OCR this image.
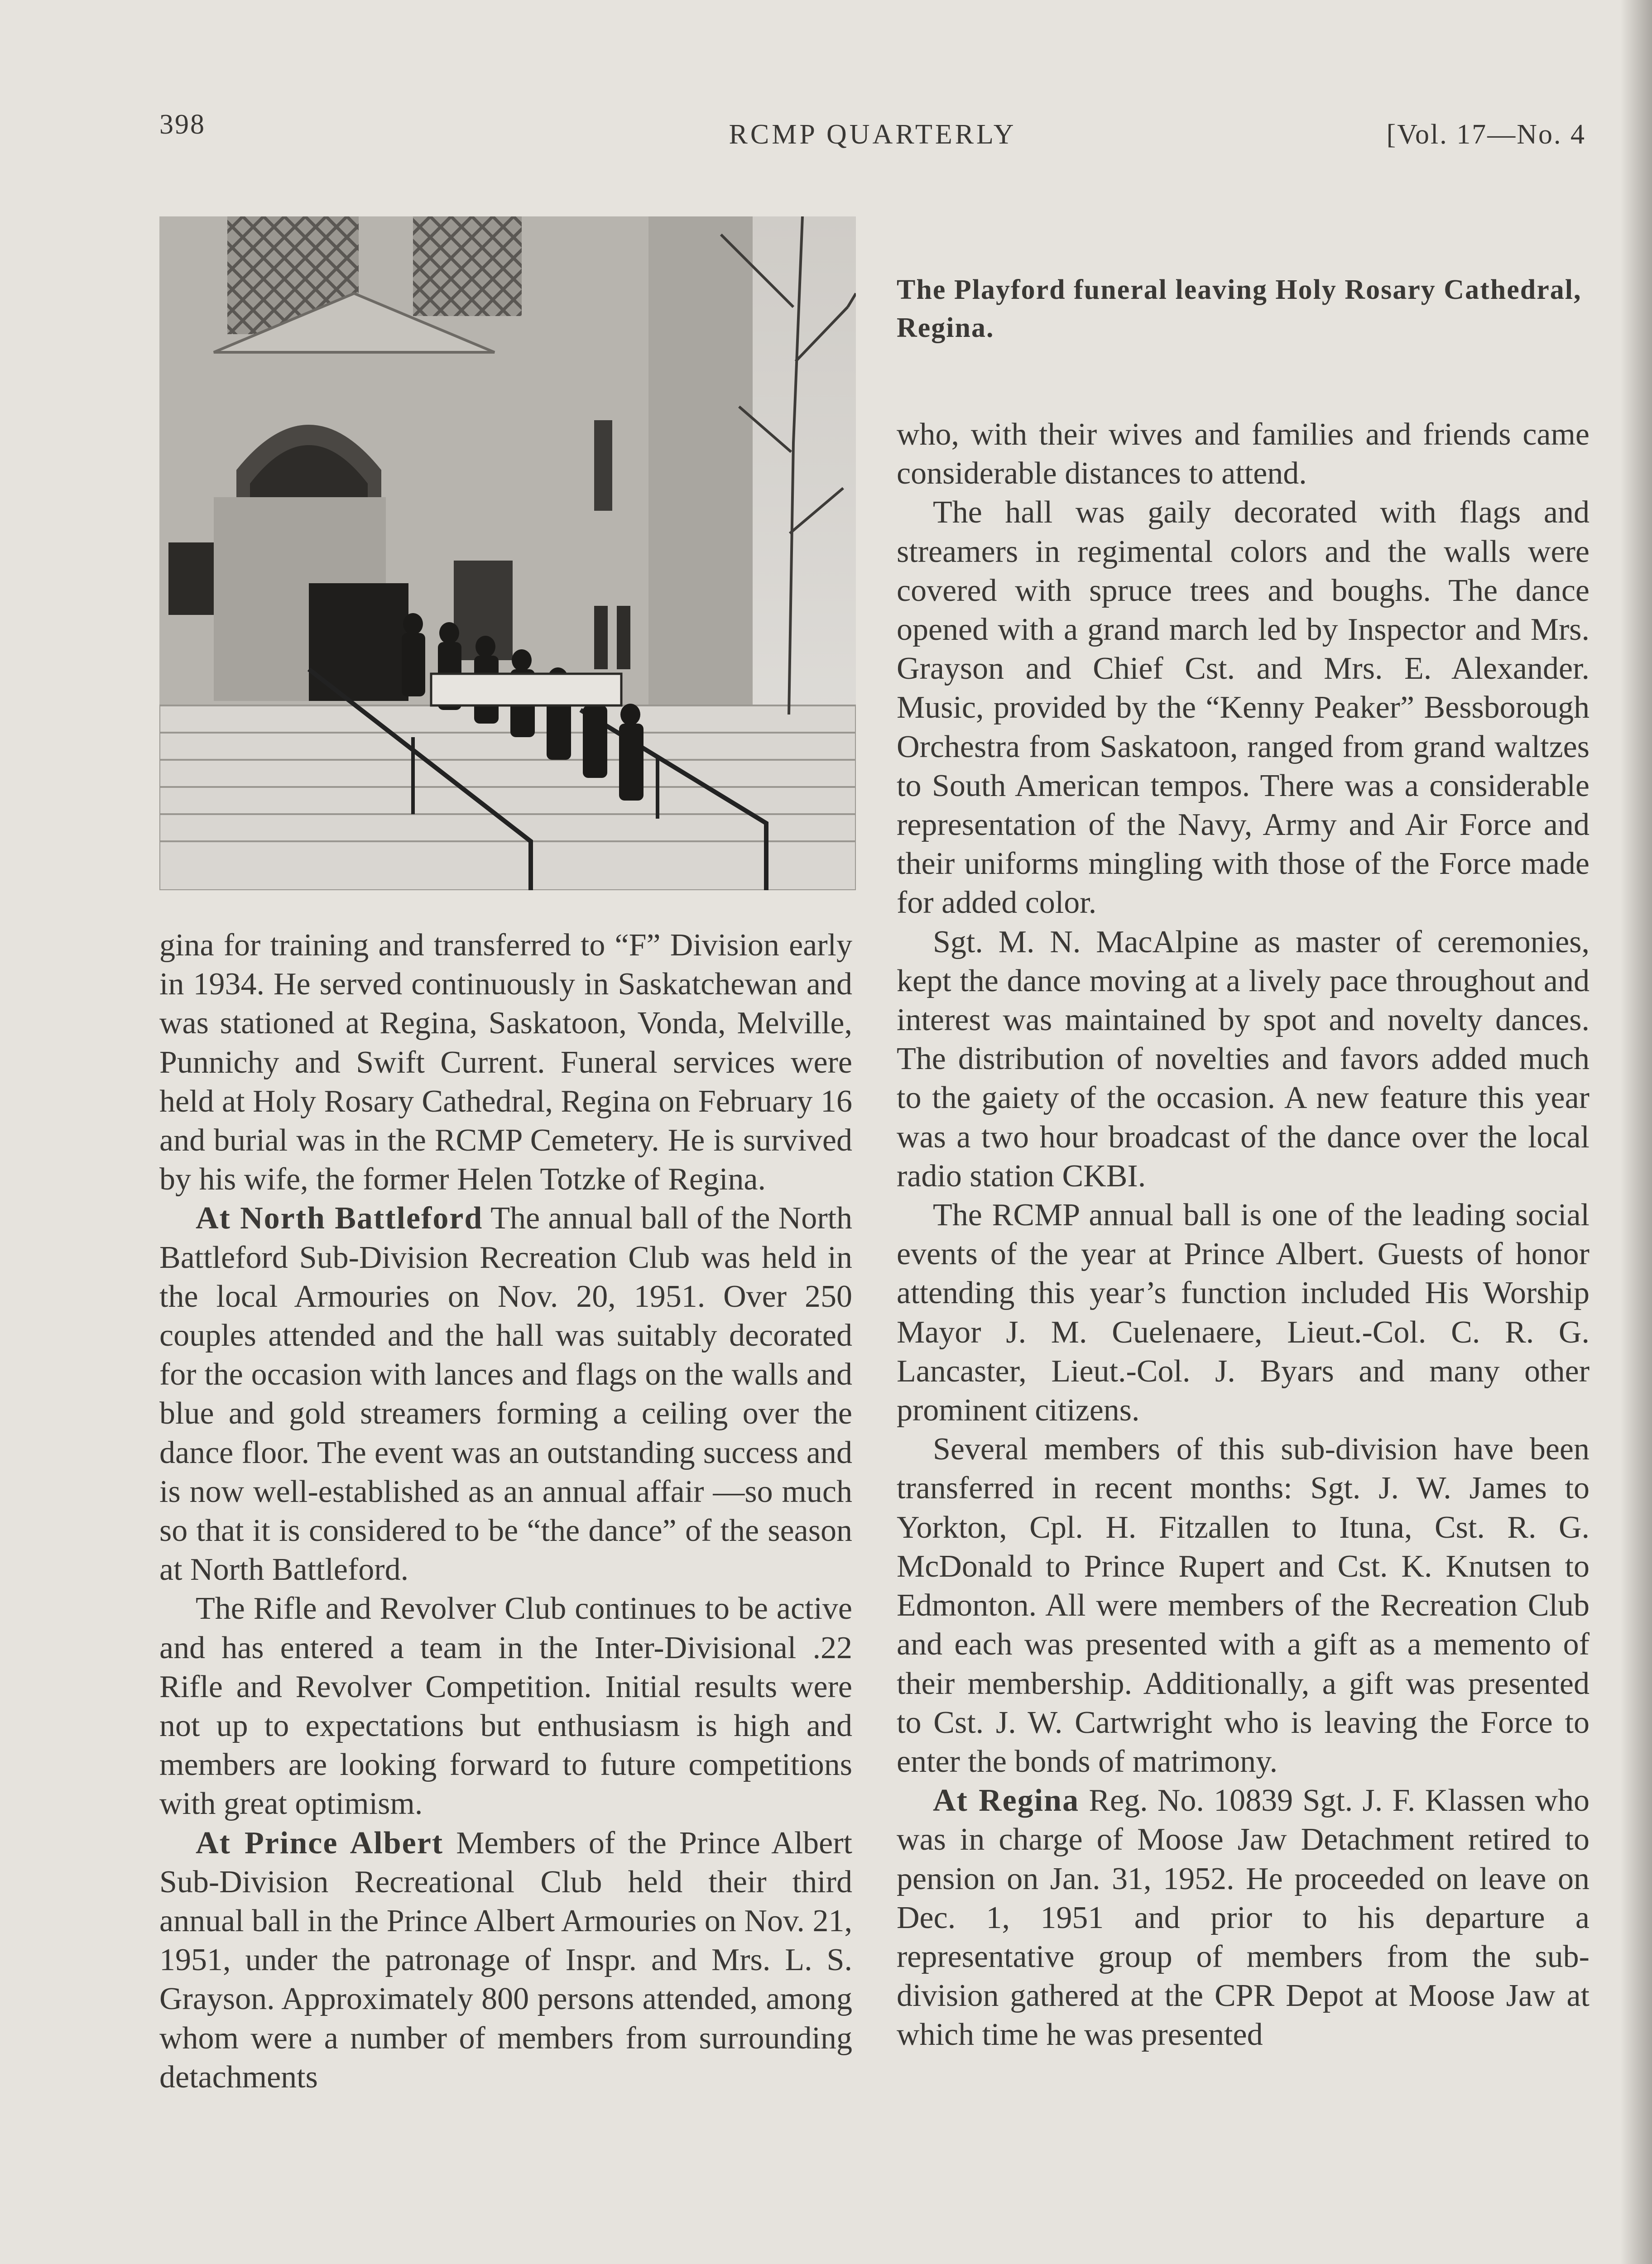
398	RCMP QUARTERLY	[Vol. 17—No. 4
The Playford funeral leaving Holy Rosary Cathedral, Regina.

gina for training and transferred to “F” Division early in 1934. He served continuously in Saskatchewan and was stationed at Regina, Saskatoon, Vonda, Melville, Punnichy and Swift Current. Funeral services were held at Holy Rosary Cathedral, Regina on February 16 and burial was in the RCMP Cemetery. He is survived by his wife, the former Helen Totzke of Regina.

At North Battleford The annual ball of the North Battleford Sub-Division Recreation Club was held in the local Armouries on Nov. 20, 1951. Over 250 couples attended and the hall was suitably decorated for the occasion with lances and flags on the walls and blue and gold streamers forming a ceiling over the dance floor. The event was an outstanding success and is now well-established as an annual affair —so much so that it is considered to be “the dance” of the season at North Battleford.

The Rifle and Revolver Club continues to be active and has entered a team in the Inter-Divisional .22 Rifle and Revolver Competition. Initial results were not up to expectations but enthusiasm is high and members are looking forward to future competitions with great optimism.

At Prince Albert Members of the Prince Albert Sub-Division Recreational Club held their third annual ball in the Prince Albert Armouries on Nov. 21, 1951, under the patronage of Inspr. and Mrs. L. S. Grayson. Approximately 800 persons attended, among whom were a number of members from surrounding detachments

who, with their wives and families and friends came considerable distances to attend.

The hall was gaily decorated with flags and streamers in regimental colors and the walls were covered with spruce trees and boughs. The dance opened with a grand march led by Inspector and Mrs. Grayson and Chief Cst. and Mrs. E. Alexander. Music, provided by the “Kenny Peaker” Bessborough Orchestra from Saskatoon, ranged from grand waltzes to South American tempos. There was a considerable representation of the Navy, Army and Air Force and their uniforms mingling with those of the Force made for added color.

Sgt. M. N. MacAlpine as master of ceremonies, kept the dance moving at a lively pace throughout and interest was maintained by spot and novelty dances. The distribution of novelties and favors added much to the gaiety of the occasion. A new feature this year was a two hour broadcast of the dance over the local radio station CKBI.

The RCMP annual ball is one of the leading social events of the year at Prince Albert. Guests of honor attending this year’s function included His Worship Mayor J. M. Cuelenaere, Lieut.-Col. C. R. G. Lancaster, Lieut.-Col. J. Byars and many other prominent citizens.

Several members of this sub-division have been transferred in recent months: Sgt. J. W. James to Yorkton, Cpl. H. Fitzallen to Ituna, Cst. R. G. McDonald to Prince Rupert and Cst. K. Knutsen to Edmonton. All were members of the Recreation Club and each was presented with a gift as a memento of their membership. Additionally, a gift was presented to Cst. J. W. Cartwright who is leaving the Force to enter the bonds of matrimony.

At Regina Reg. No. 10839 Sgt. J. F. Klassen who was in charge of Moose Jaw Detachment retired to pension on Jan. 31, 1952. He proceeded on leave on Dec. 1, 1951 and prior to his departure a representative group of members from the sub-division gathered at the CPR Depot at Moose Jaw at which time he was presented
